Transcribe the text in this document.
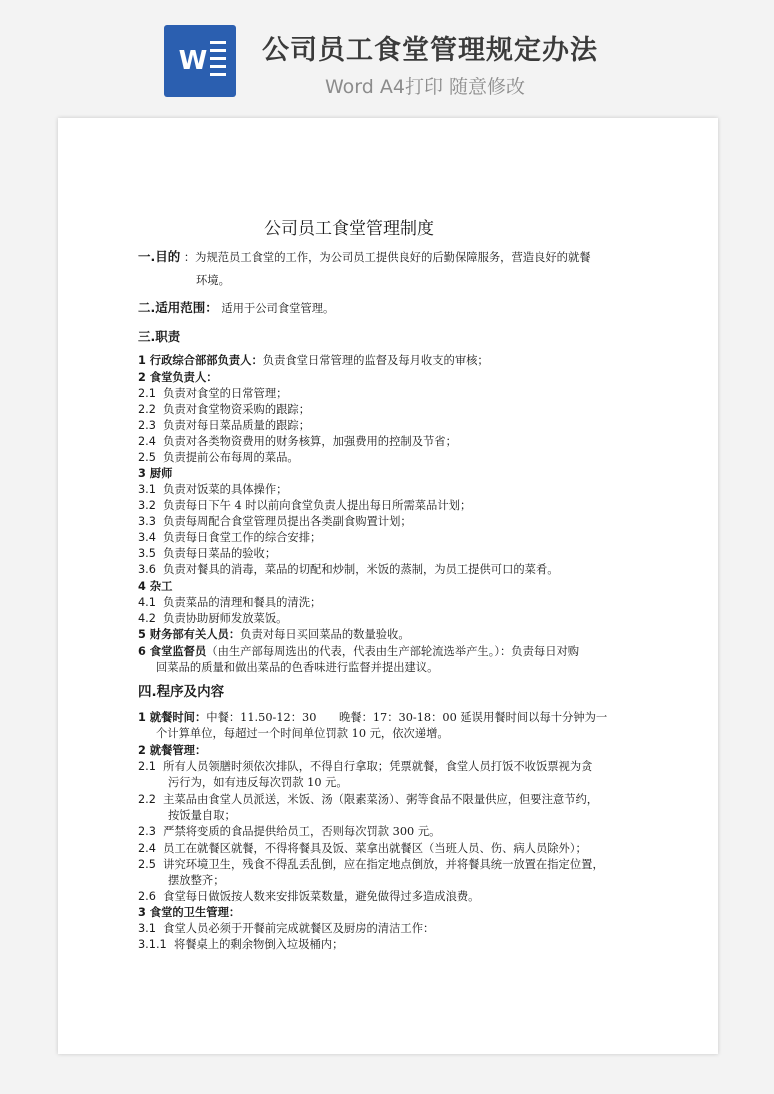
W 公司员工食堂管理规定办法
Word A4打印 随意修改
公司员工食堂管理制度
一.目的 ：为规范员工食堂的工作，为公司员工提供良好的后勤保障服务，营造良好的就餐
环境。
二.适用范围： 适用于公司食堂管理。
三.职责
1 行政综合部部负责人：负责食堂日常管理的监督及每月收支的审核；
2 食堂负责人：
2.1 负责对食堂的日常管理；
2.2 负责对食堂物资采购的跟踪；
2.3 负责对每日菜品质量的跟踪；
2.4 负责对各类物资费用的财务核算，加强费用的控制及节省；
2.5 负责提前公布每周的菜品。
3 厨师
3.1 负责对饭菜的具体操作；
3.2 负责每日下午 4 时以前向食堂负责人提出每日所需菜品计划；
3.3 负责每周配合食堂管理员提出各类副食购置计划；
3.4 负责每日食堂工作的综合安排；
3.5 负责每日菜品的验收；
3.6 负责对餐具的消毒，菜品的切配和炒制，米饭的蒸制，为员工提供可口的菜肴。
4 杂工
4.1 负责菜品的清理和餐具的清洗；
4.2 负责协助厨师发放菜饭。
5 财务部有关人员：负责对每日买回菜品的数量验收。
6 食堂监督员（由生产部每周选出的代表，代表由生产部轮流选举产生。）：负责每日对购
回菜品的质量和做出菜品的色香味进行监督并提出建议。
四.程序及内容
1 就餐时间：中餐：11.50-12：30　　晚餐：17：30-18：00 延误用餐时间以每十分钟为一
个计算单位，每超过一个时间单位罚款 10 元，依次递增。
2 就餐管理：
2.1 所有人员领膳时须依次排队，不得自行拿取；凭票就餐，食堂人员打饭不收饭票视为贪
污行为，如有违反每次罚款 10 元。
2.2 主菜品由食堂人员派送，米饭、汤（限素菜汤）、粥等食品不限量供应，但要注意节约，
按饭量自取；
2.3 严禁将变质的食品提供给员工，否则每次罚款 300 元。
2.4 员工在就餐区就餐，不得将餐具及饭、菜拿出就餐区（当班人员、伤、病人员除外）；
2.5 讲究环境卫生，残食不得乱丢乱倒，应在指定地点倒放，并将餐具统一放置在指定位置，
摆放整齐；
2.6 食堂每日做饭按人数来安排饭菜数量，避免做得过多造成浪费。
3 食堂的卫生管理：
3.1 食堂人员必须于开餐前完成就餐区及厨房的清洁工作：
3.1.1 将餐桌上的剩余物倒入垃圾桶内；
